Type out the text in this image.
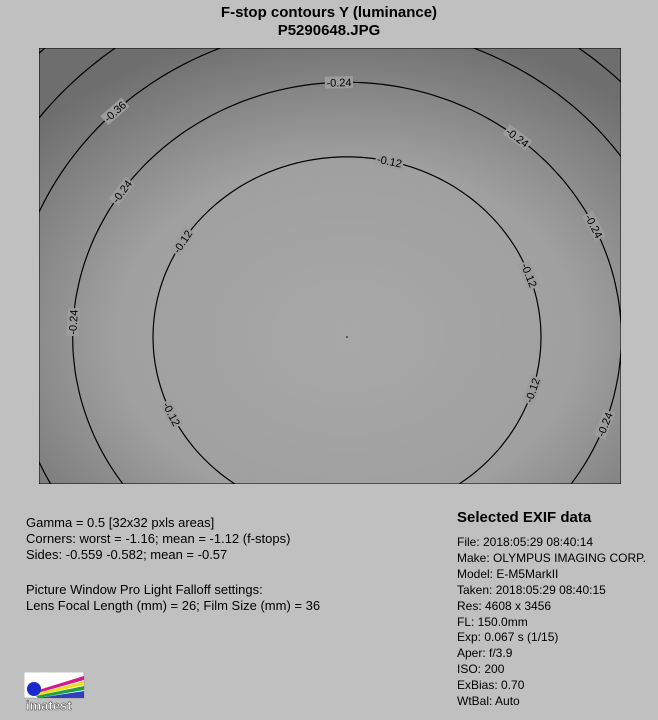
F-stop contours Y (luminance)
P5290648.JPG
-0.12
-0.12
-0.12
-0.12
-0.12
-0.24
-0.24
-0.24
-0.24
-0.24
-0.24
-0.36
Gamma = 0.5 [32x32 pxls areas]
Corners: worst = -1.16; mean = -1.12 (f-stops)
Sides: -0.559 -0.582; mean = -0.57
Picture Window Pro Light Falloff settings:
Lens Focal Length (mm) = 26; Film Size (mm) = 36
Selected EXIF data
File: 2018:05:29 08:40:14
Make: OLYMPUS IMAGING CORP.
Model: E-M5MarkII
Taken: 2018:05:29 08:40:15
Res: 4608 x 3456
FL: 150.0mm
Exp: 0.067 s (1/15)
Aper: f/3.9
ISO: 200
ExBias: 0.70
WtBal: Auto
imatest
